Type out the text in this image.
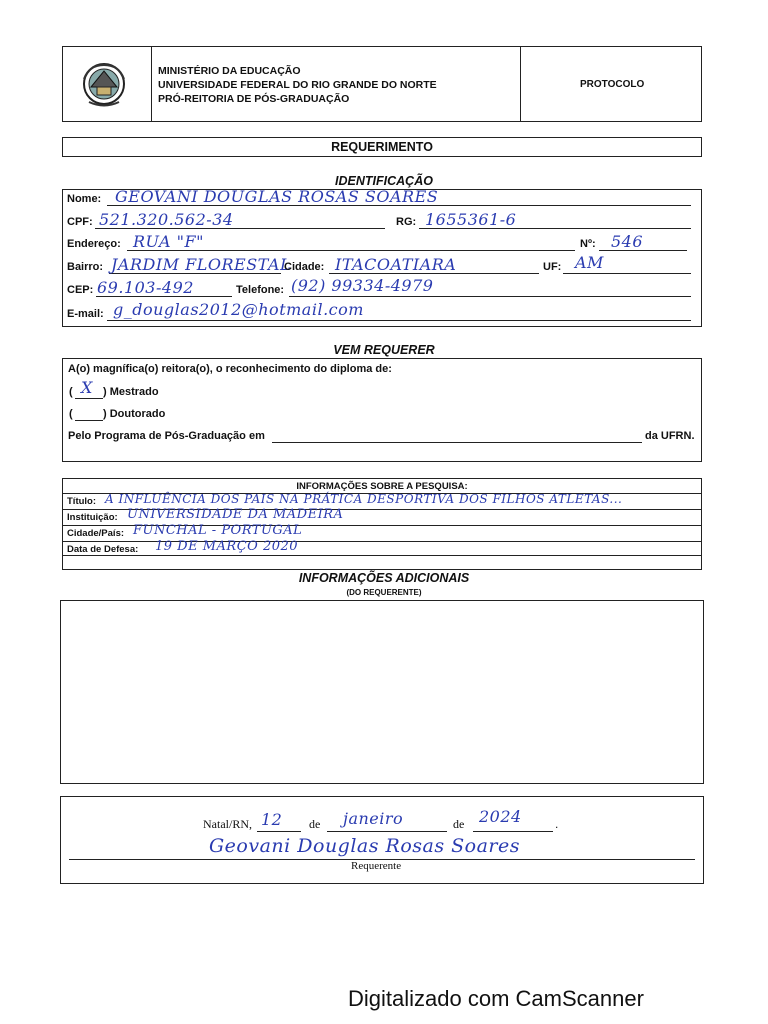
MINISTÉRIO DA EDUCAÇÃO
UNIVERSIDADE FEDERAL DO RIO GRANDE DO NORTE
PRÓ-REITORIA DE PÓS-GRADUAÇÃO
PROTOCOLO
REQUERIMENTO
IDENTIFICAÇÃO
Nome: GEOVANI DOUGLAS ROSAS SOARES
CPF: 521.320.562-34	RG: 1655361-6
Endereço: RUA "F"	Nº: 546
Bairro: JARDIM FLORESTAL
Cidade: ITACOATIARA	UF: AM
CEP: 69.103-492	Telefone: (92) 99334-4979
E-mail: g_douglas2012@hotmail.com
VEM REQUERER
A(o) magnífica(o) reitora(o), o reconhecimento do diploma de:
( X ) Mestrado
(	) Doutorado
Pelo Programa de Pós-Graduação em	da UFRN.
INFORMAÇÕES SOBRE A PESQUISA:
Título: A INFLUÊNCIA DOS PAIS NA PRÁTICA DESPORTIVA DOS FILHOS ATLETAS...
Instituição: UNIVERSIDADE DA MADEIRA
Cidade/País: FUNCHAL - PORTUGAL
Data de Defesa: 19 DE MARÇO 2020
INFORMAÇÕES ADICIONAIS
(DO REQUERENTE)
Natal/RN, 12 de janeiro	de 2024	.
Geovani Douglas Rosas Soares
Requerente
Digitalizado com CamScanner
